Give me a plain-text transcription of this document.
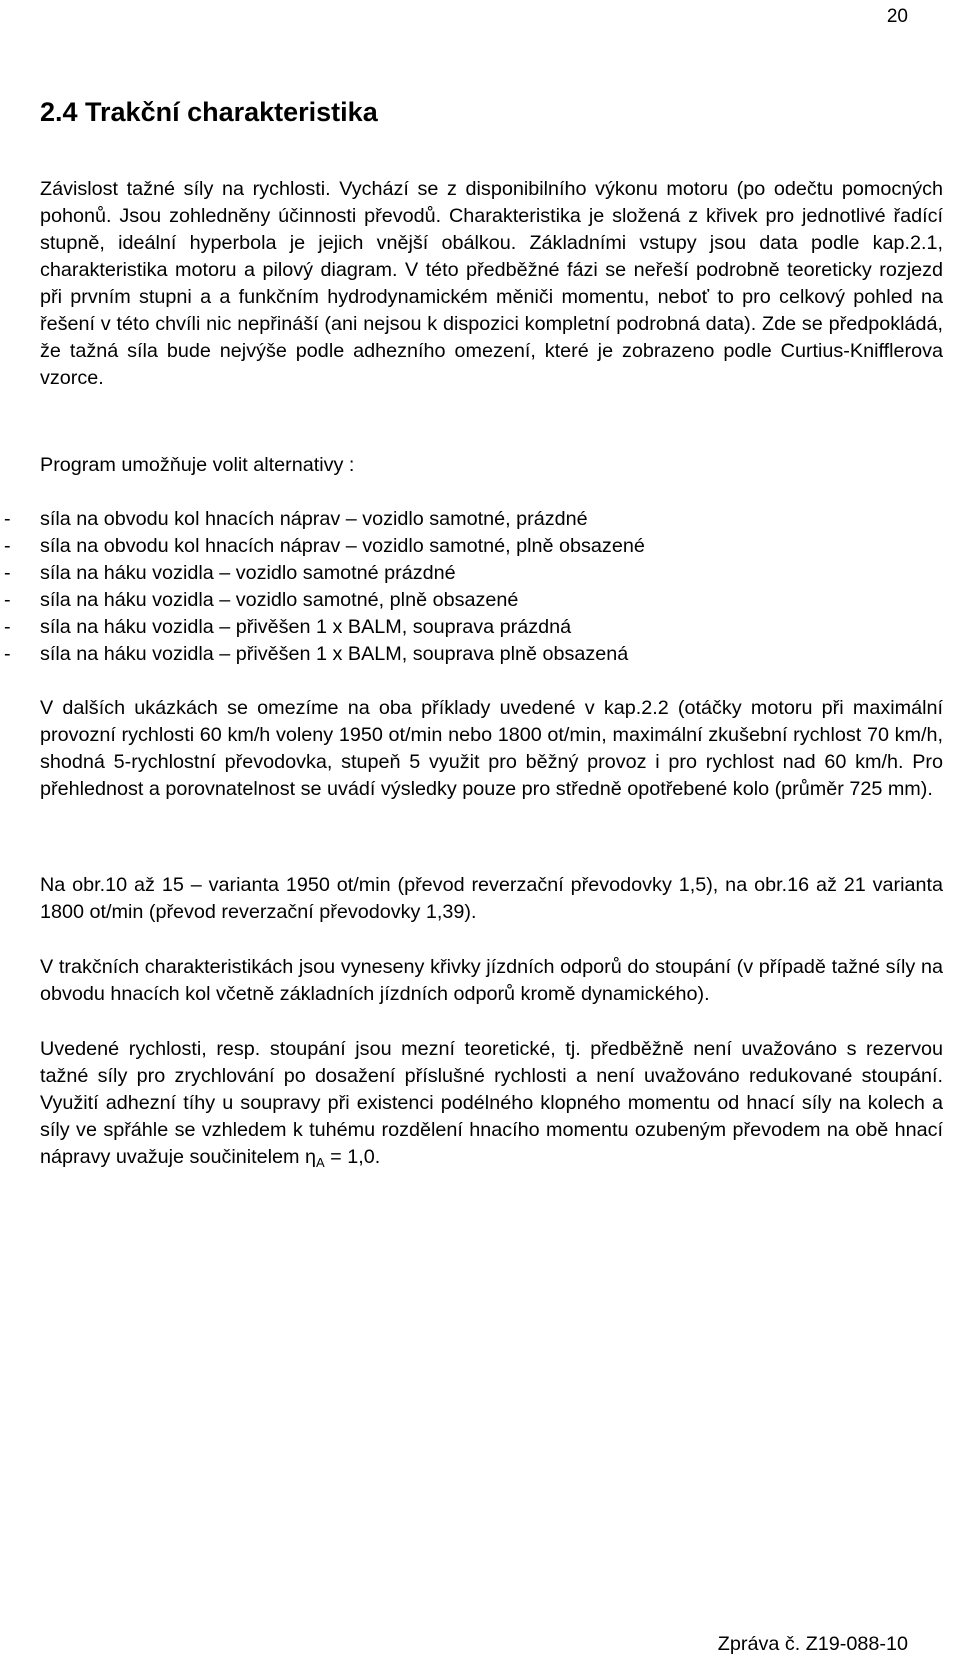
20
2.4 Trakční charakteristika

Závislost tažné síly na rychlosti. Vychází se z disponibilního výkonu motoru (po odečtu pomocných pohonů. Jsou zohledněny účinnosti převodů. Charakteristika je složená z křivek pro jednotlivé řadící stupně, ideální hyperbola je jejich vnější obálkou. Základními vstupy jsou data podle kap.2.1, charakteristika motoru a pilový diagram. V této předběžné fázi se neřeší podrobně teoreticky rozjezd při prvním stupni a a funkčním hydrodynamickém měniči momentu, neboť to pro celkový pohled na řešení v této chvíli nic nepřináší (ani nejsou k dispozici kompletní podrobná data). Zde se předpokládá, že tažná síla bude nejvýše podle adhezního omezení, které je zobrazeno podle Curtius-Knifflerova vzorce.

Program umožňuje volit alternativy :

- síla na obvodu kol hnacích náprav – vozidlo samotné, prázdné
- síla na obvodu kol hnacích náprav – vozidlo samotné, plně obsazené
- síla na háku vozidla – vozidlo samotné prázdné
- síla na háku vozidla – vozidlo samotné, plně obsazené
- síla na háku vozidla – přivěšen 1 x BALM, souprava prázdná
- síla na háku vozidla – přivěšen 1 x BALM, souprava plně obsazená

V dalších ukázkách se omezíme na oba příklady uvedené v kap.2.2 (otáčky motoru při maximální provozní rychlosti 60 km/h voleny 1950 ot/min nebo 1800 ot/min, maximální zkušební rychlost 70 km/h, shodná 5-rychlostní převodovka, stupeň 5 využit pro běžný provoz i pro rychlost nad 60 km/h. Pro přehlednost a porovnatelnost se uvádí výsledky pouze pro středně opotřebené kolo (průměr 725 mm).

Na obr.10 až 15 – varianta 1950 ot/min (převod reverzační převodovky 1,5), na obr.16 až 21 varianta 1800 ot/min (převod reverzační převodovky 1,39).

V trakčních charakteristikách jsou vyneseny křivky jízdních odporů do stoupání (v případě tažné síly na obvodu hnacích kol včetně základních jízdních odporů kromě dynamického).

Uvedené rychlosti, resp. stoupání jsou mezní teoretické, tj. předběžně není uvažováno s rezervou tažné síly pro zrychlování po dosažení příslušné rychlosti a není uvažováno redukované stoupání. Využití adhezní tíhy u soupravy při existenci podélného klopného momentu od hnací síly na kolech a síly ve spřáhle se vzhledem k tuhému rozdělení hnacího momentu ozubeným převodem na obě hnací nápravy uvažuje součinitelem $\eta_A = 1,0$.

Zpráva č. Z19-088-10
